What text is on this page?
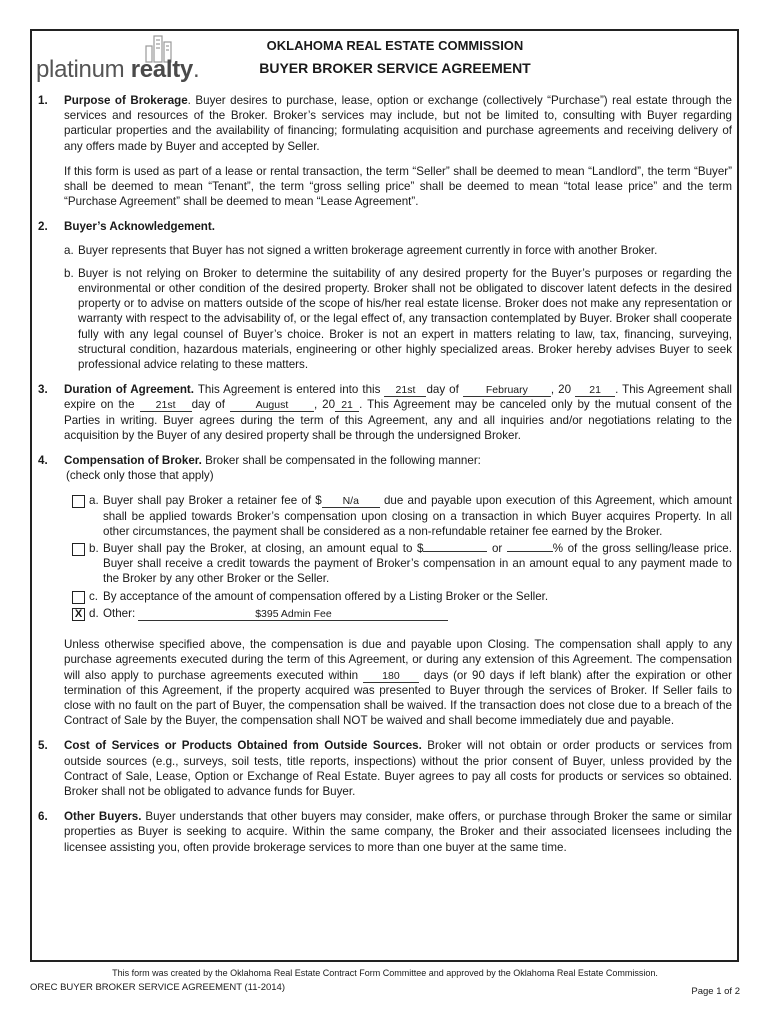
platinum realty.
OKLAHOMA REAL ESTATE COMMISSION
BUYER BROKER SERVICE AGREEMENT
1.	Purpose of Brokerage. Buyer desires to purchase, lease, option or exchange (collectively “Purchase”) real estate through the services and resources of the Broker. Broker’s services may include, but not be limited to, consulting with Buyer regarding particular properties and the availability of financing; formulating acquisition and purchase agreements and receiving delivery of any offers made by Buyer and accepted by Seller.

If this form is used as part of a lease or rental transaction, the term “Seller” shall be deemed to mean “Landlord”, the term “Buyer” shall be deemed to mean “Tenant”, the term “gross selling price” shall be deemed to mean “total lease price” and the term “Purchase Agreement” shall be deemed to mean “Lease Agreement”.

2.	Buyer’s Acknowledgement.

a. Buyer represents that Buyer has not signed a written brokerage agreement currently in force with another Broker.
b. Buyer is not relying on Broker to determine the suitability of any desired property for the Buyer’s purposes or regarding the environmental or other condition of the desired property. Broker shall not be obligated to discover latent defects in the desired property or to advise on matters outside of the scope of his/her real estate license. Broker does not make any representation or warranty with respect to the advisability of, or the legal effect of, any transaction contemplated by Buyer. Broker shall cooperate fully with any legal counsel of Buyer’s choice. Broker is not an expert in matters relating to law, tax, financing, surveying, structural condition, hazardous materials, engineering or other highly specialized areas. Broker hereby advises Buyer to seek professional advice relating to these matters.
3.	Duration of Agreement. This Agreement is entered into this 21st day of February , 20 21 . This Agreement shall expire on the 21st day of August , 20 21 . This Agreement may be canceled only by the mutual consent of the Parties in writing. Buyer agrees during the term of this Agreement, any and all inquiries and/or negotiations relating to the acquisition by the Buyer of any desired property shall be through the undersigned Broker.

4.	Compensation of Broker. Broker shall be compensated in the following manner:

(check only those that apply)

a. Buyer shall pay Broker a retainer fee of $ N/a due and payable upon execution of this Agreement, which amount shall be applied towards Broker’s compensation upon closing on a transaction in which Buyer acquires Property. In all other circumstances, the payment shall be considered as a non-refundable retainer fee earned by the Broker.
b. Buyer shall pay the Broker, at closing, an amount equal to $	or	% of the gross selling/lease price. Buyer shall receive a credit towards the payment of Broker’s compensation in an amount equal to any payment made to the Broker by any other Broker or the Seller.
c. By acceptance of the amount of compensation offered by a Listing Broker or the Seller.
X d. Other:	$395 Admin Fee

Unless otherwise specified above, the compensation is due and payable upon Closing. The compensation shall apply to any purchase agreements executed during the term of this Agreement, or during any extension of this Agreement. The compensation will also apply to purchase agreements executed within 180 days (or 90 days if left blank) after the expiration or other termination of this Agreement, if the property acquired was presented to Buyer through the services of Broker. If Seller fails to close with no fault on the part of Buyer, the compensation shall be waived. If the transaction does not close due to a breach of the Contract of Sale by the Buyer, the compensation shall NOT be waived and shall become immediately due and payable.

5.	Cost of Services or Products Obtained from Outside Sources. Broker will not obtain or order products or services from outside sources (e.g., surveys, soil tests, title reports, inspections) without the prior consent of Buyer, unless provided by the Contract of Sale, Lease, Option or Exchange of Real Estate. Buyer agrees to pay all costs for products or services so obtained. Broker shall not be obligated to advance funds for Buyer.

6.	Other Buyers. Buyer understands that other buyers may consider, make offers, or purchase through Broker the same or similar properties as Buyer is seeking to acquire. Within the same company, the Broker and their associated licensees including the licensee assisting you, often provide brokerage services to more than one buyer at the same time.

This form was created by the Oklahoma Real Estate Contract Form Committee and approved by the Oklahoma Real Estate Commission.
OREC BUYER BROKER SERVICE AGREEMENT (11-2014)	Page 1 of 2
